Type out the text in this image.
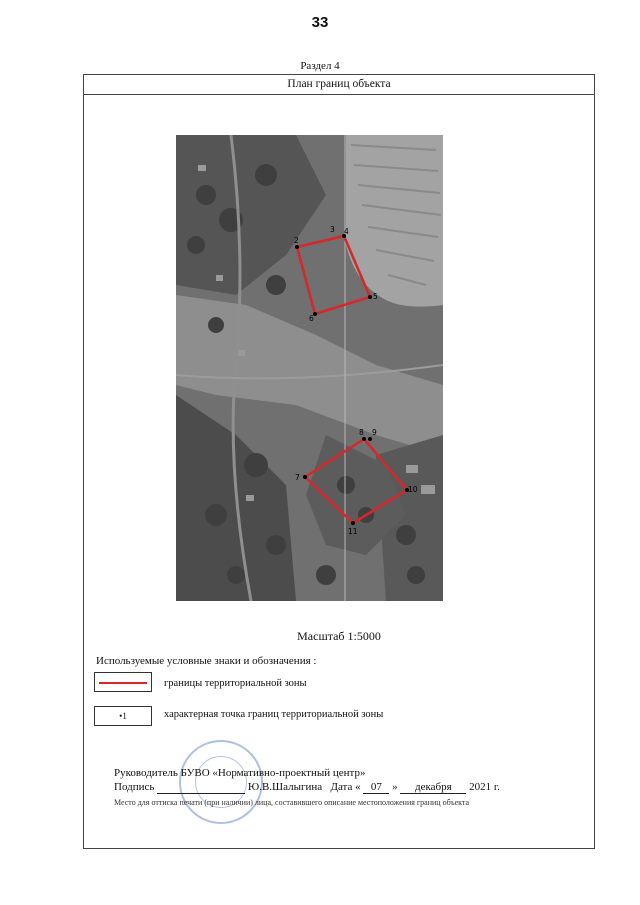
33
Раздел 4
План границ объекта
2
3 4
5
6
7
8 9
10
11
Масштаб 1:5000
Используемые условные знаки и обозначения :
границы территориальной зоны
•1	характерная точка границ территориальной зоны
Руководитель БУВО «Нормативно-проектный центр»
Подпись	Ю.В.Шалыгина Дата « 07 » декабря 2021 г.
Место для оттиска печати (при наличии) лица, составившего описание местоположения границ объекта
